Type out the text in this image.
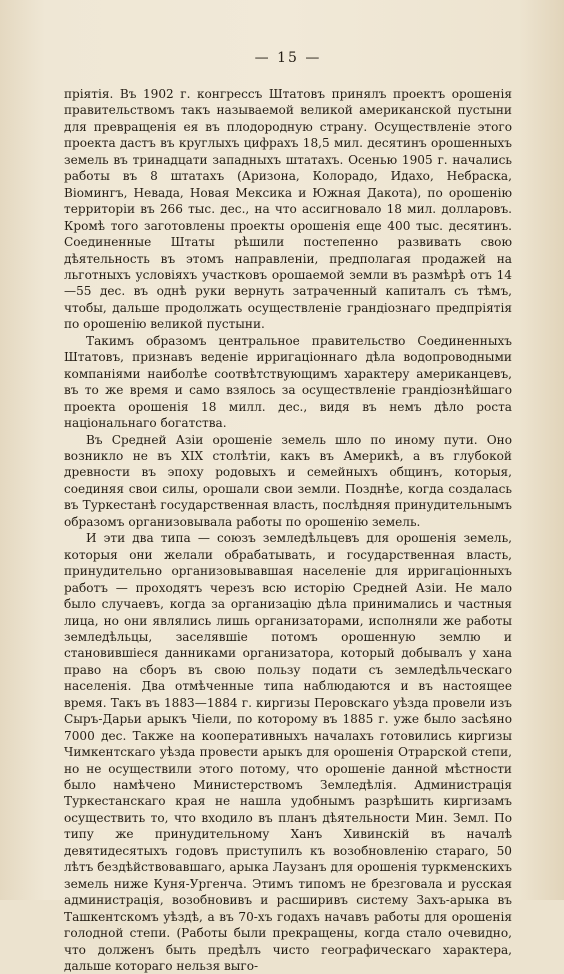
— 15 —

пріятія. Въ 1902 г. конгрессъ Штатовъ принялъ проектъ орошенія правительствомъ такъ называемой великой американской пустыни для превращенія ея въ плодородную страну. Осуществленіе этого проекта дастъ въ круглыхъ цифрахъ 18,5 мил. десятинъ орошенныхъ земель въ тринадцати западныхъ штатахъ. Осенью 1905 г. начались работы въ 8 штатахъ (Аризона, Колорадо, Идахо, Небраска, Віомингъ, Невада, Новая Мексика и Южная Дакота), по орошенію территоріи въ 266 тыс. дес., на что ассигновало 18 мил. долларовъ. Кромѣ того заготовлены проекты орошенія еще 400 тыс. десятинъ. Соединенные Штаты рѣшили постепенно развивать свою дѣятельность въ этомъ направленіи, предполагая продажей на льготныхъ условіяхъ участковъ орошаемой земли въ размѣрѣ отъ 14—55 дес. въ однѣ руки вернуть затраченный капиталъ съ тѣмъ, чтобы, дальше продолжать осуществленіе грандіознаго предпріятія по орошенію великой пустыни.

Такимъ образомъ центральное правительство Соединенныхъ Штатовъ, признавъ веденіе ирригаціоннаго дѣла водопроводными компаніями наиболѣе соотвѣтствующимъ характеру американцевъ, въ то же время и само взялось за осуществленіе грандіознѣйшаго проекта орошенія 18 милл. дес., видя въ немъ дѣло роста національнаго богатства.

Въ Средней Азіи орошеніе земель шло по иному пути. Оно возникло не въ XIX столѣтіи, какъ въ Америкѣ, а въ глубокой древности въ эпоху родовыхъ и семейныхъ общинъ, которыя, соединяя свои силы, орошали свои земли. Позднѣе, когда создалась въ Туркестанѣ государственная власть, послѣдняя принудительнымъ образомъ организовывала работы по орошенію земель.

И эти два типа — союзъ земледѣльцевъ для орошенія земель, которыя они желали обрабатывать, и государственная власть, принудительно организовывавшая населеніе для ирригаціонныхъ работъ — проходятъ черезъ всю исторію Средней Азіи. Не мало было случаевъ, когда за организацію дѣла принимались и частныя лица, но они являлись лишь организаторами, исполняли же работы земледѣльцы, заселявшіе потомъ орошенную землю и становившіеся данниками организатора, который добывалъ у хана право на сборъ въ свою пользу подати съ земледѣльческаго населенія. Два отмѣченные типа наблюдаются и въ настоящее время. Такъ въ 1883—1884 г. киргизы Перовскаго уѣзда провели изъ Сыръ-Дарьи арыкъ Чіели, по которому въ 1885 г. уже было засѣяно 7000 дес. Также на кооперативныхъ началахъ готовились киргизы Чимкентскаго уѣзда провести арыкъ для орошенія Отрарской степи, но не осуществили этого потому, что орошеніе данной мѣстности было намѣчено Министерствомъ Земледѣлія. Администрація Туркестанскаго края не нашла удобнымъ разрѣшить киргизамъ осуществить то, что входило въ планъ дѣятельности Мин. Земл. По типу же принудительному Ханъ Хивинскій въ началѣ девятидесятыхъ годовъ приступилъ къ возобновленію стараго, 50 лѣтъ бездѣйствовавшаго, арыка Лаузанъ для орошенія туркменскихъ земель ниже Куня-Ургенча. Этимъ типомъ не брезговала и русская администрація, возобновивъ и расширивъ систему Захъ-арыка въ Ташкентскомъ уѣздѣ, а въ 70-хъ годахъ начавъ работы для орошенія голодной степи. (Работы были прекращены, когда стало очевидно, что долженъ быть предѣлъ чисто географическаго характера, дальше котораго нельзя выго-
